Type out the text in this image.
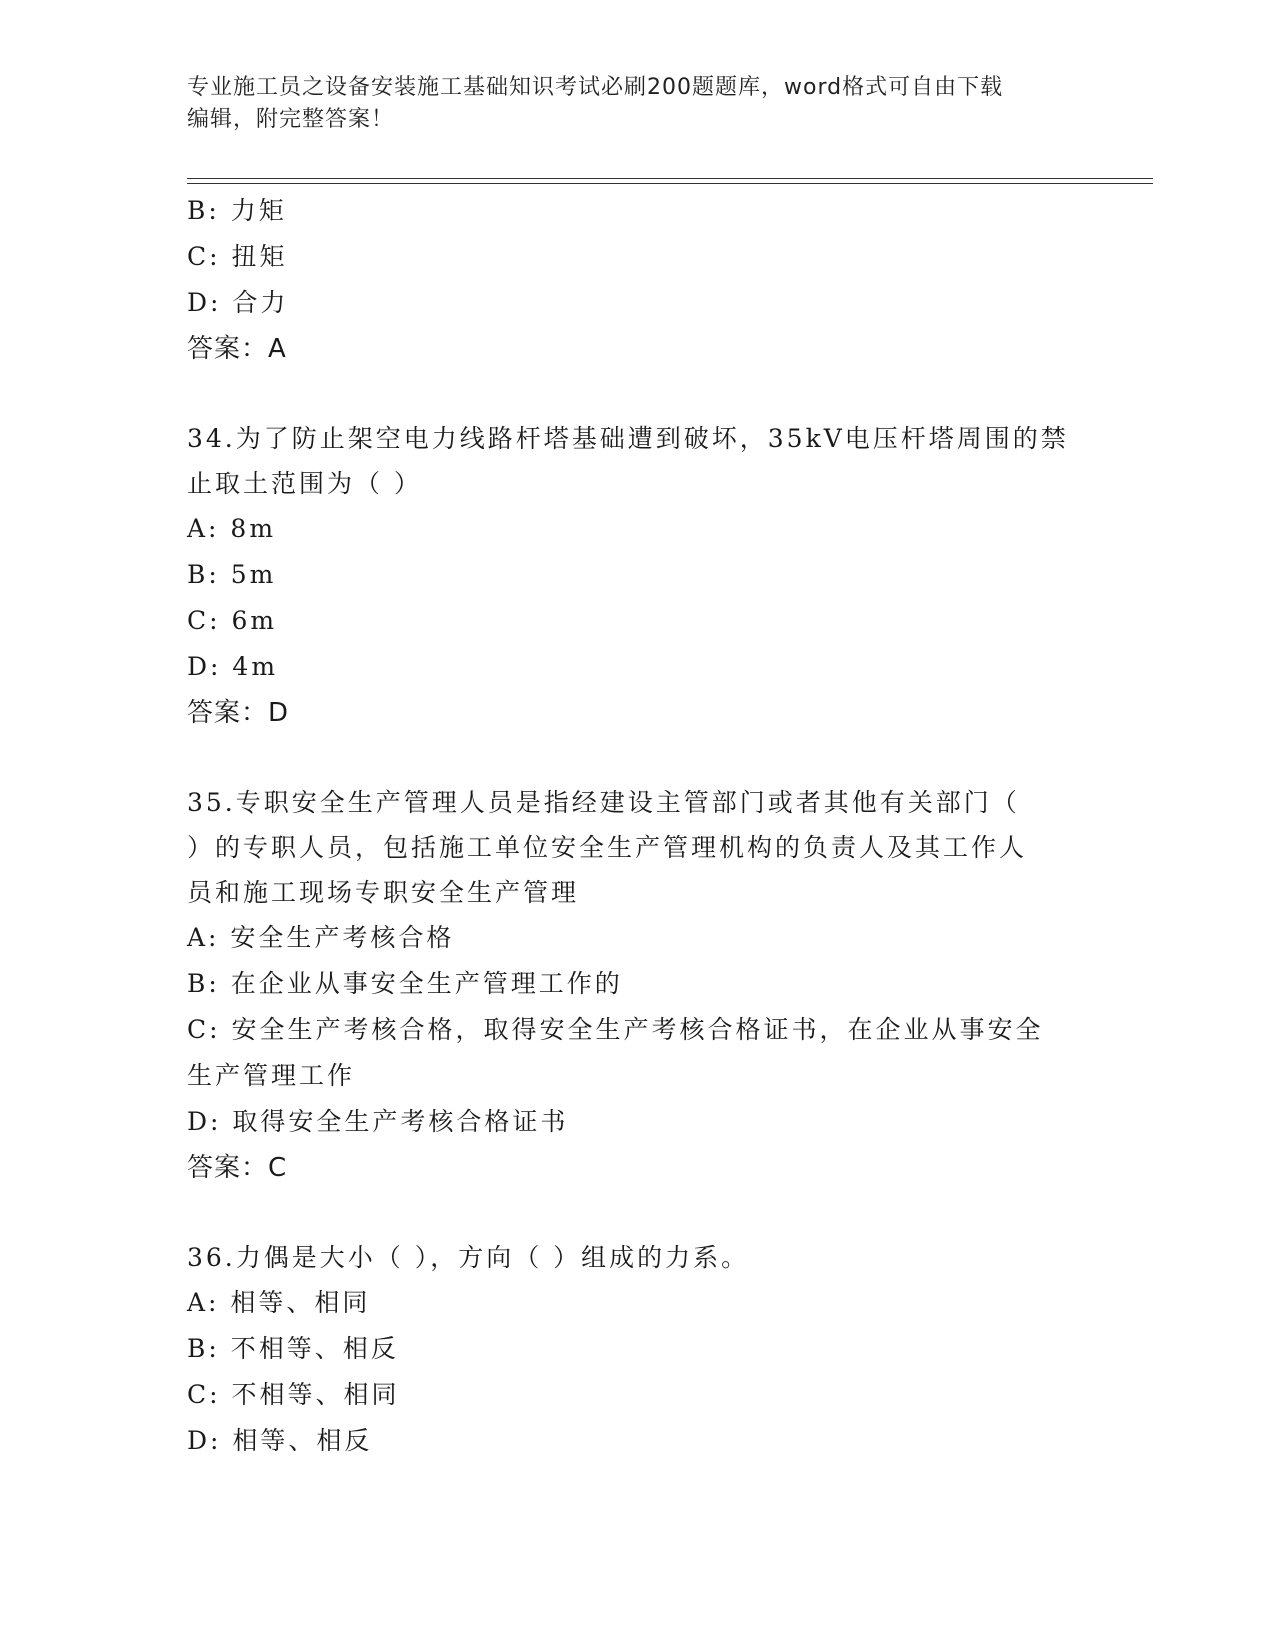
专业施工员之设备安装施工基础知识考试必刷200题题库，word格式可自由下载
编辑，附完整答案！
B: 力矩
C: 扭矩
D: 合力
答案：A
34.为了防止架空电力线路杆塔基础遭到破坏，35kV电压杆塔周围的禁
止取土范围为（ ）
A: 8m
B: 5m
C: 6m
D: 4m
答案：D
35.专职安全生产管理人员是指经建设主管部门或者其他有关部门（
）的专职人员，包括施工单位安全生产管理机构的负责人及其工作人
员和施工现场专职安全生产管理
A: 安全生产考核合格
B: 在企业从事安全生产管理工作的
C: 安全生产考核合格，取得安全生产考核合格证书，在企业从事安全
生产管理工作
D: 取得安全生产考核合格证书
答案：C
36.力偶是大小（ ），方向（ ）组成的力系。
A: 相等、相同
B: 不相等、相反
C: 不相等、相同
D: 相等、相反
